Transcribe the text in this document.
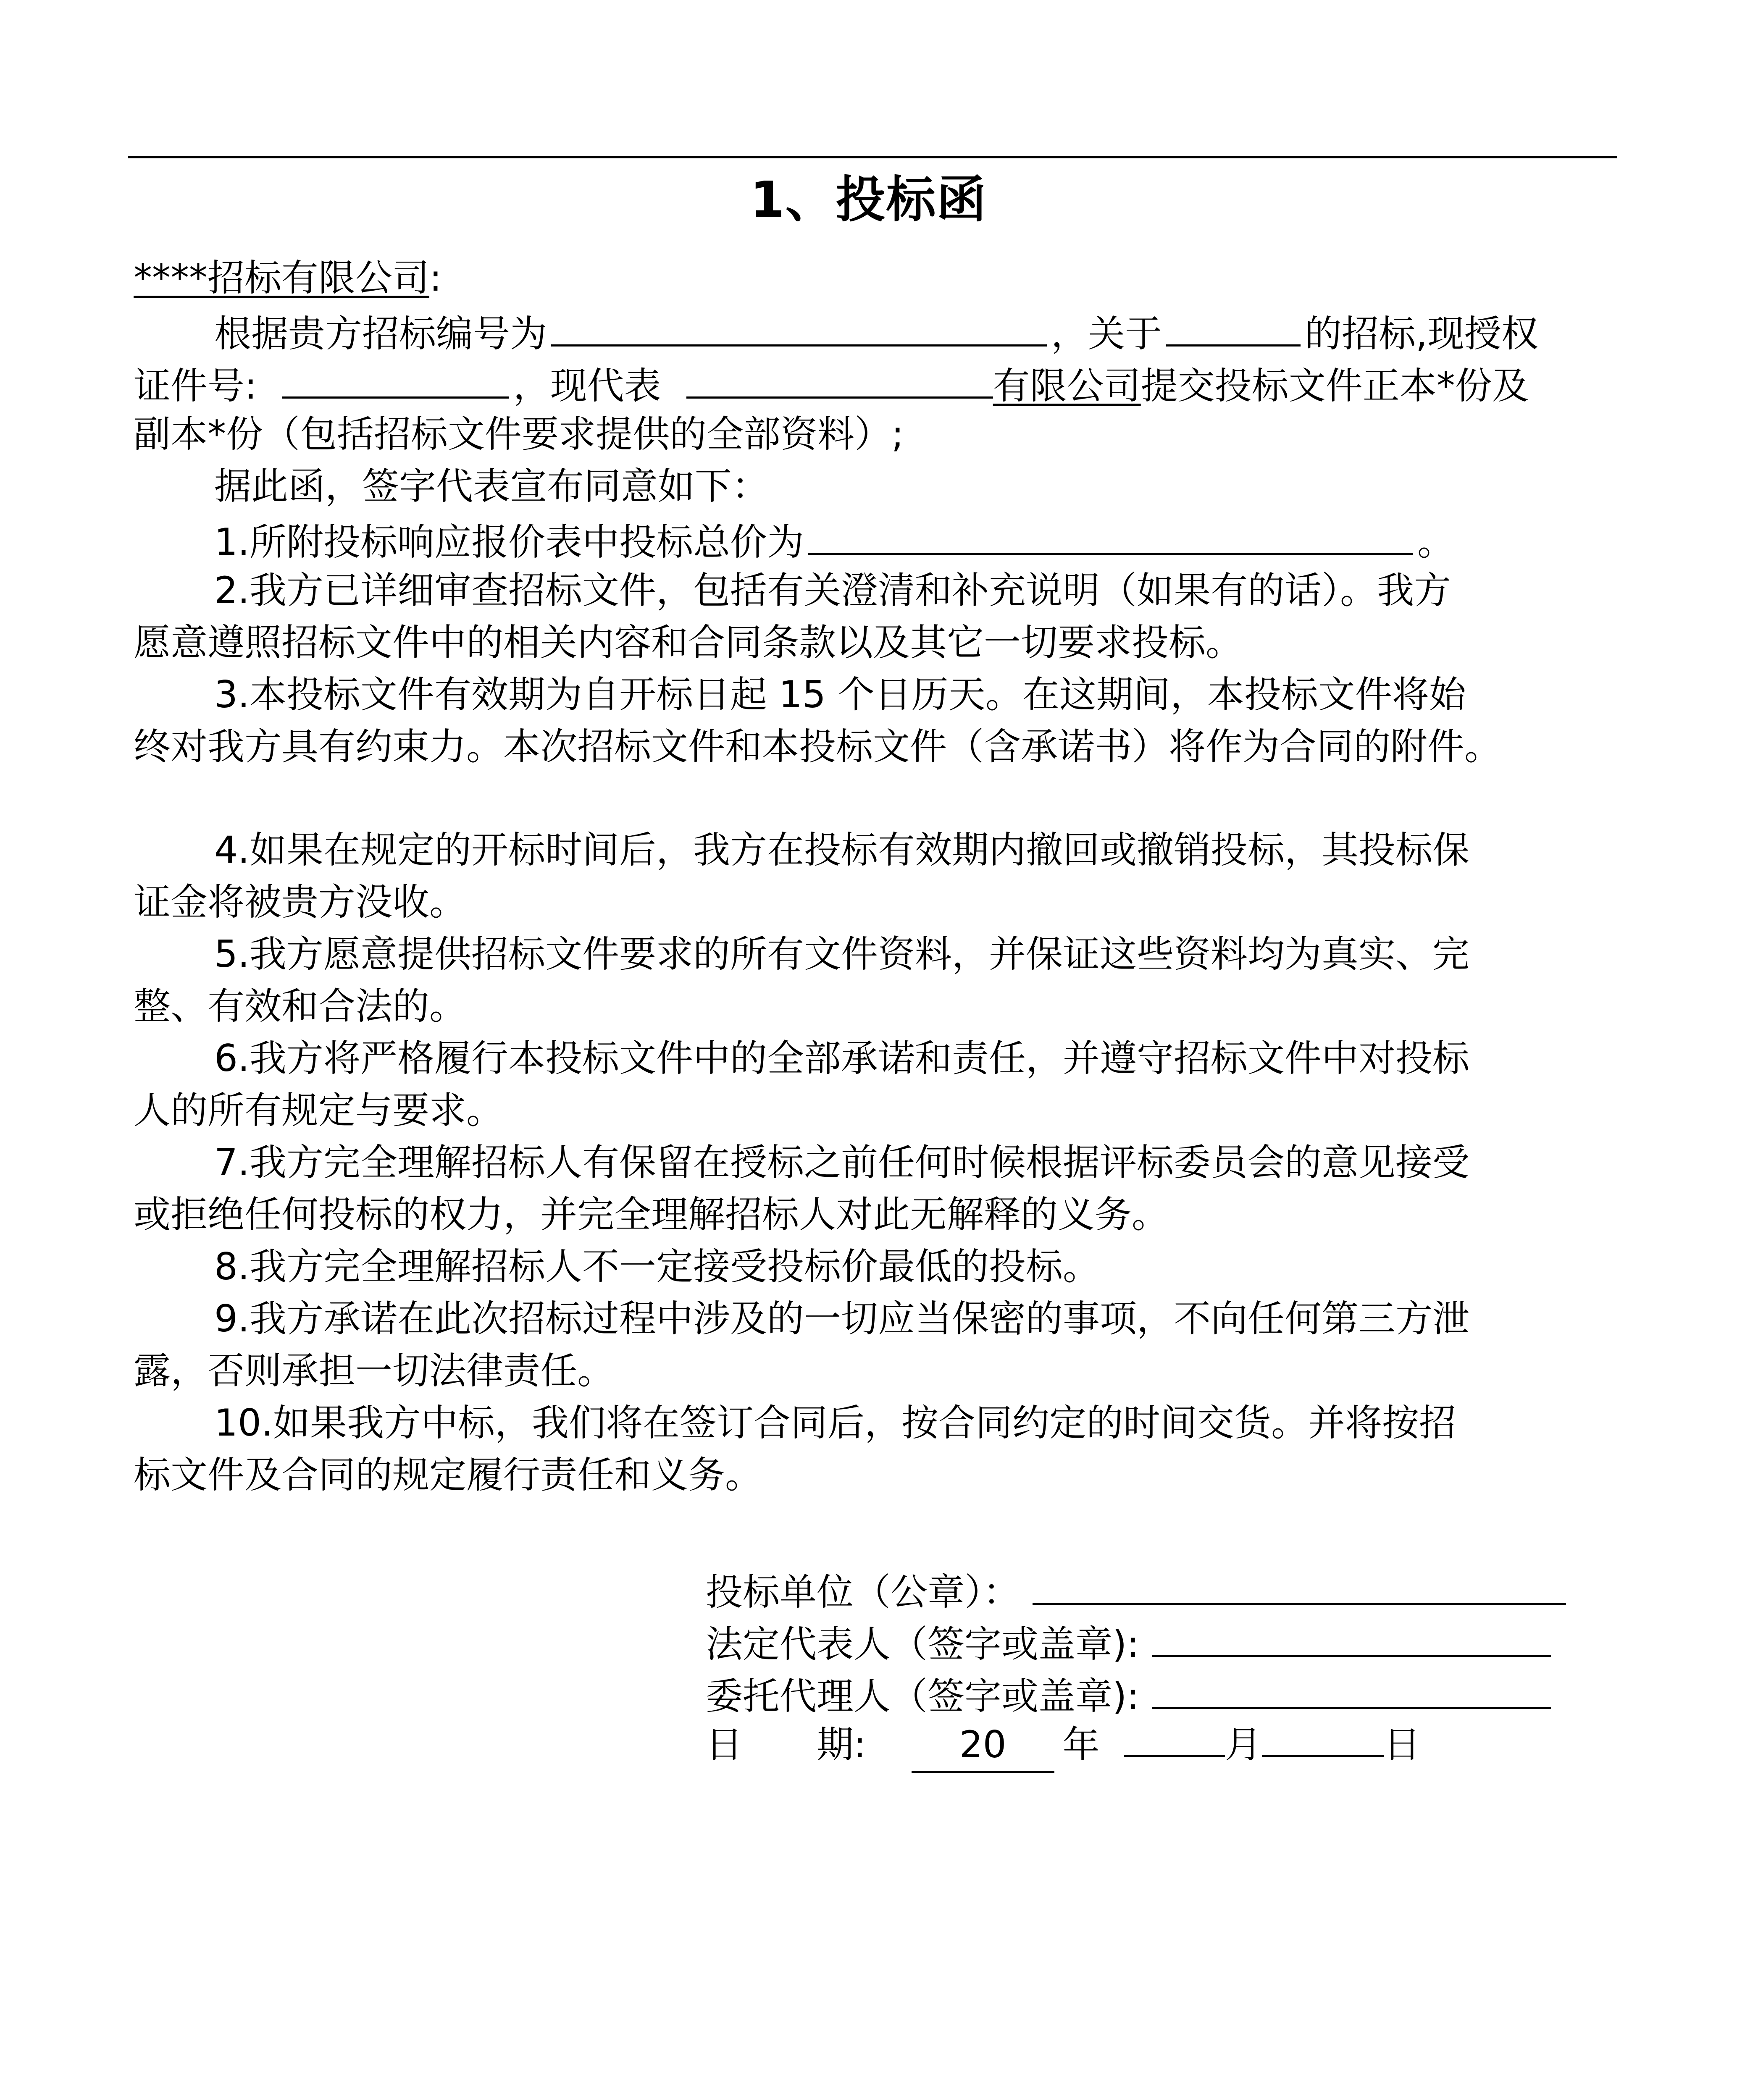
1、投标函
****招标有限公司:
根据贵方招标编号为	，关于	的招标,现授权
证件号:	，现代表	有限公司提交投标文件正本*份及
副本*份（包括招标文件要求提供的全部资料）;
据此函，签字代表宣布同意如下：
1.所附投标响应报价表中投标总价为	。
2.我方已详细审查招标文件，包括有关澄清和补充说明（如果有的话）。我方
愿意遵照招标文件中的相关内容和合同条款以及其它一切要求投标。
3.本投标文件有效期为自开标日起 15 个日历天。在这期间，本投标文件将始
终对我方具有约束力。本次招标文件和本投标文件（含承诺书）将作为合同的附件。
4.如果在规定的开标时间后，我方在投标有效期内撤回或撤销投标，其投标保
证金将被贵方没收。
5.我方愿意提供招标文件要求的所有文件资料，并保证这些资料均为真实、完
整、有效和合法的。
6.我方将严格履行本投标文件中的全部承诺和责任，并遵守招标文件中对投标
人的所有规定与要求。
7.我方完全理解招标人有保留在授标之前任何时候根据评标委员会的意见接受
或拒绝任何投标的权力，并完全理解招标人对此无解释的义务。
8.我方完全理解招标人不一定接受投标价最低的投标。
9.我方承诺在此次招标过程中涉及的一切应当保密的事项，不向任何第三方泄
露，否则承担一切法律责任。
10.如果我方中标，我们将在签订合同后，按合同约定的时间交货。并将按招
标文件及合同的规定履行责任和义务。
投标单位（公章）：
法定代表人（签字或盖章):
委托代理人（签字或盖章):
日　　期:	20 年	月	日
